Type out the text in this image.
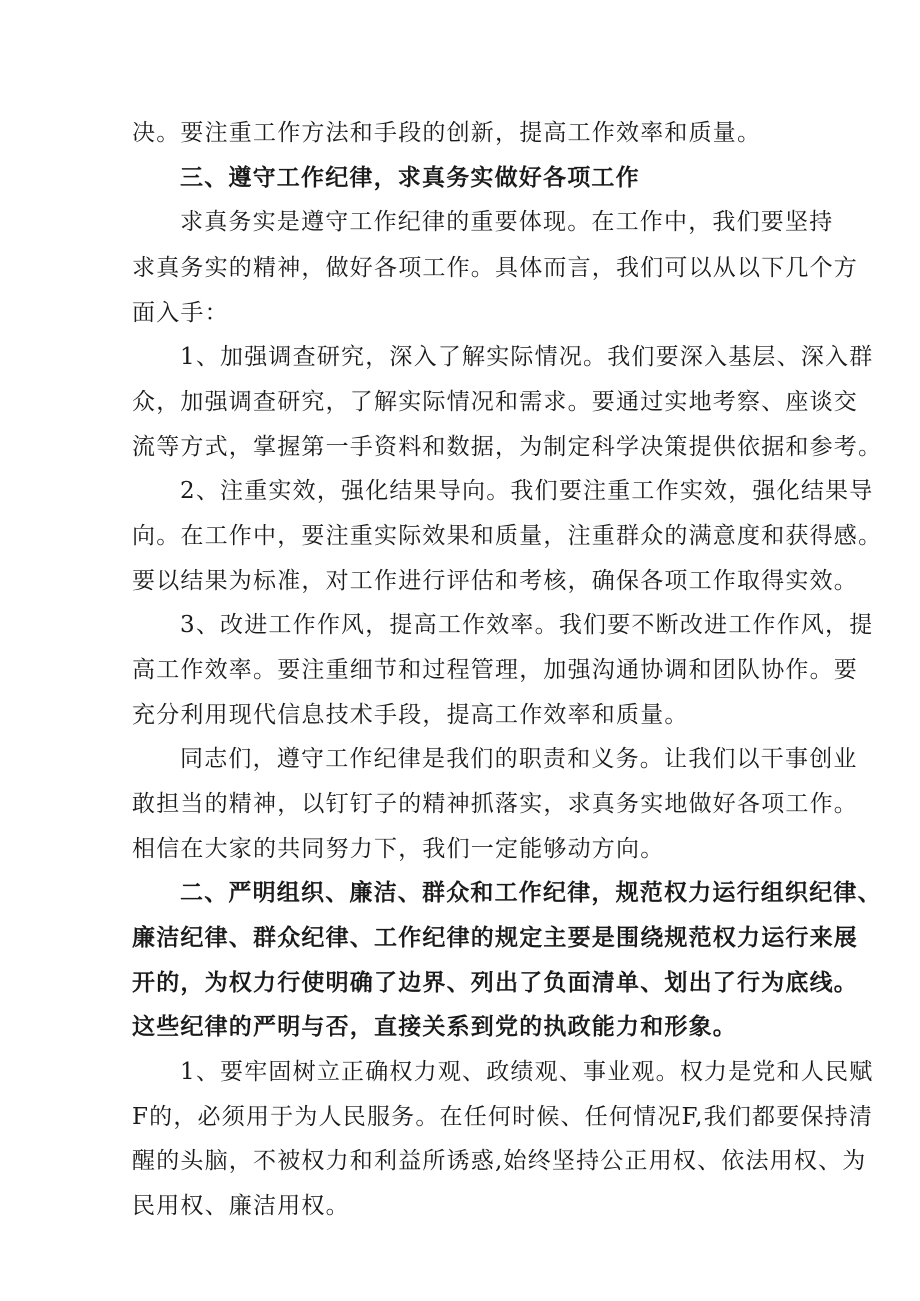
决。要注重工作方法和手段的创新，提高工作效率和质量。
三、遵守工作纪律，求真务实做好各项工作
求真务实是遵守工作纪律的重要体现。在工作中，我们要坚持
求真务实的精神，做好各项工作。具体而言，我们可以从以下几个方
面入手：
1、加强调查研究，深入了解实际情况。我们要深入基层、深入群
众，加强调查研究，了解实际情况和需求。要通过实地考察、座谈交
流等方式，掌握第一手资料和数据，为制定科学决策提供依据和参考。
2、注重实效，强化结果导向。我们要注重工作实效，强化结果导
向。在工作中，要注重实际效果和质量，注重群众的满意度和获得感。
要以结果为标准，对工作进行评估和考核，确保各项工作取得实效。
3、改进工作作风，提高工作效率。我们要不断改进工作作风，提
高工作效率。要注重细节和过程管理，加强沟通协调和团队协作。要
充分利用现代信息技术手段，提高工作效率和质量。
同志们，遵守工作纪律是我们的职责和义务。让我们以干事创业
敢担当的精神，以钉钉子的精神抓落实，求真务实地做好各项工作。
相信在大家的共同努力下，我们一定能够动方向。
二、严明组织、廉洁、群众和工作纪律，规范权力运行组织纪律、
廉洁纪律、群众纪律、工作纪律的规定主要是围绕规范权力运行来展
开的，为权力行使明确了边界、列出了负面清单、划出了行为底线。
这些纪律的严明与否，直接关系到党的执政能力和形象。
1、要牢固树立正确权力观、政绩观、事业观。权力是党和人民赋
F的，必须用于为人民服务。在任何时候、任何情况F,我们都要保持清
醒的头脑，不被权力和利益所诱惑,始终坚持公正用权、依法用权、为
民用权、廉洁用权。
